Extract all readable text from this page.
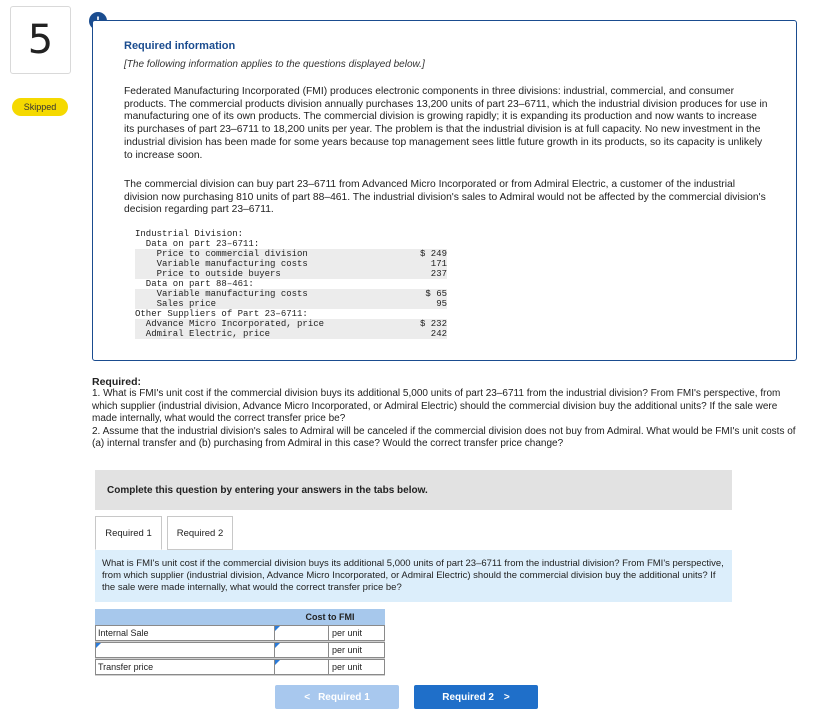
5
Skipped
Required information
[The following information applies to the questions displayed below.]
Federated Manufacturing Incorporated (FMI) produces electronic components in three divisions: industrial, commercial, and consumer products. The commercial products division annually purchases 13,200 units of part 23–6711, which the industrial division produces for use in manufacturing one of its own products. The commercial division is growing rapidly; it is expanding its production and now wants to increase its purchases of part 23–6711 to 18,200 units per year. The problem is that the industrial division is at full capacity. No new investment in the industrial division has been made for some years because top management sees little future growth in its products, so its capacity is unlikely to increase soon.
The commercial division can buy part 23–6711 from Advanced Micro Incorporated or from Admiral Electric, a customer of the industrial division now purchasing 810 units of part 88–461. The industrial division's sales to Admiral would not be affected by the commercial division's decision regarding part 23–6711.
Industrial Division:
Data on part 23–6711:
Price to commercial division	$ 249
Variable manufacturing costs	171
Price to outside buyers	237
Data on part 88–461:
Variable manufacturing costs	$ 65
Sales price	95
Other Suppliers of Part 23–6711:
Advance Micro Incorporated, price	$ 232
Admiral Electric, price	242
Required:
1. What is FMI's unit cost if the commercial division buys its additional 5,000 units of part 23–6711 from the industrial division? From FMI's perspective, from which supplier (industrial division, Advance Micro Incorporated, or Admiral Electric) should the commercial division buy the additional units? If the sale were made internally, what would the correct transfer price be?
2. Assume that the industrial division's sales to Admiral will be canceled if the commercial division does not buy from Admiral. What would be FMI's unit costs of (a) internal transfer and (b) purchasing from Admiral in this case? Would the correct transfer price change?
Complete this question by entering your answers in the tabs below.
Required 1	Required 2
What is FMI's unit cost if the commercial division buys its additional 5,000 units of part 23–6711 from the industrial division? From FMI's perspective, from which supplier (industrial division, Advance Micro Incorporated, or Admiral Electric) should the commercial division buy the additional units? If the sale were made internally, what would the correct transfer price be?
Cost to FMI
Internal Sale	per unit
per unit
Transfer price	per unit
< Required 1	Required 2 >
